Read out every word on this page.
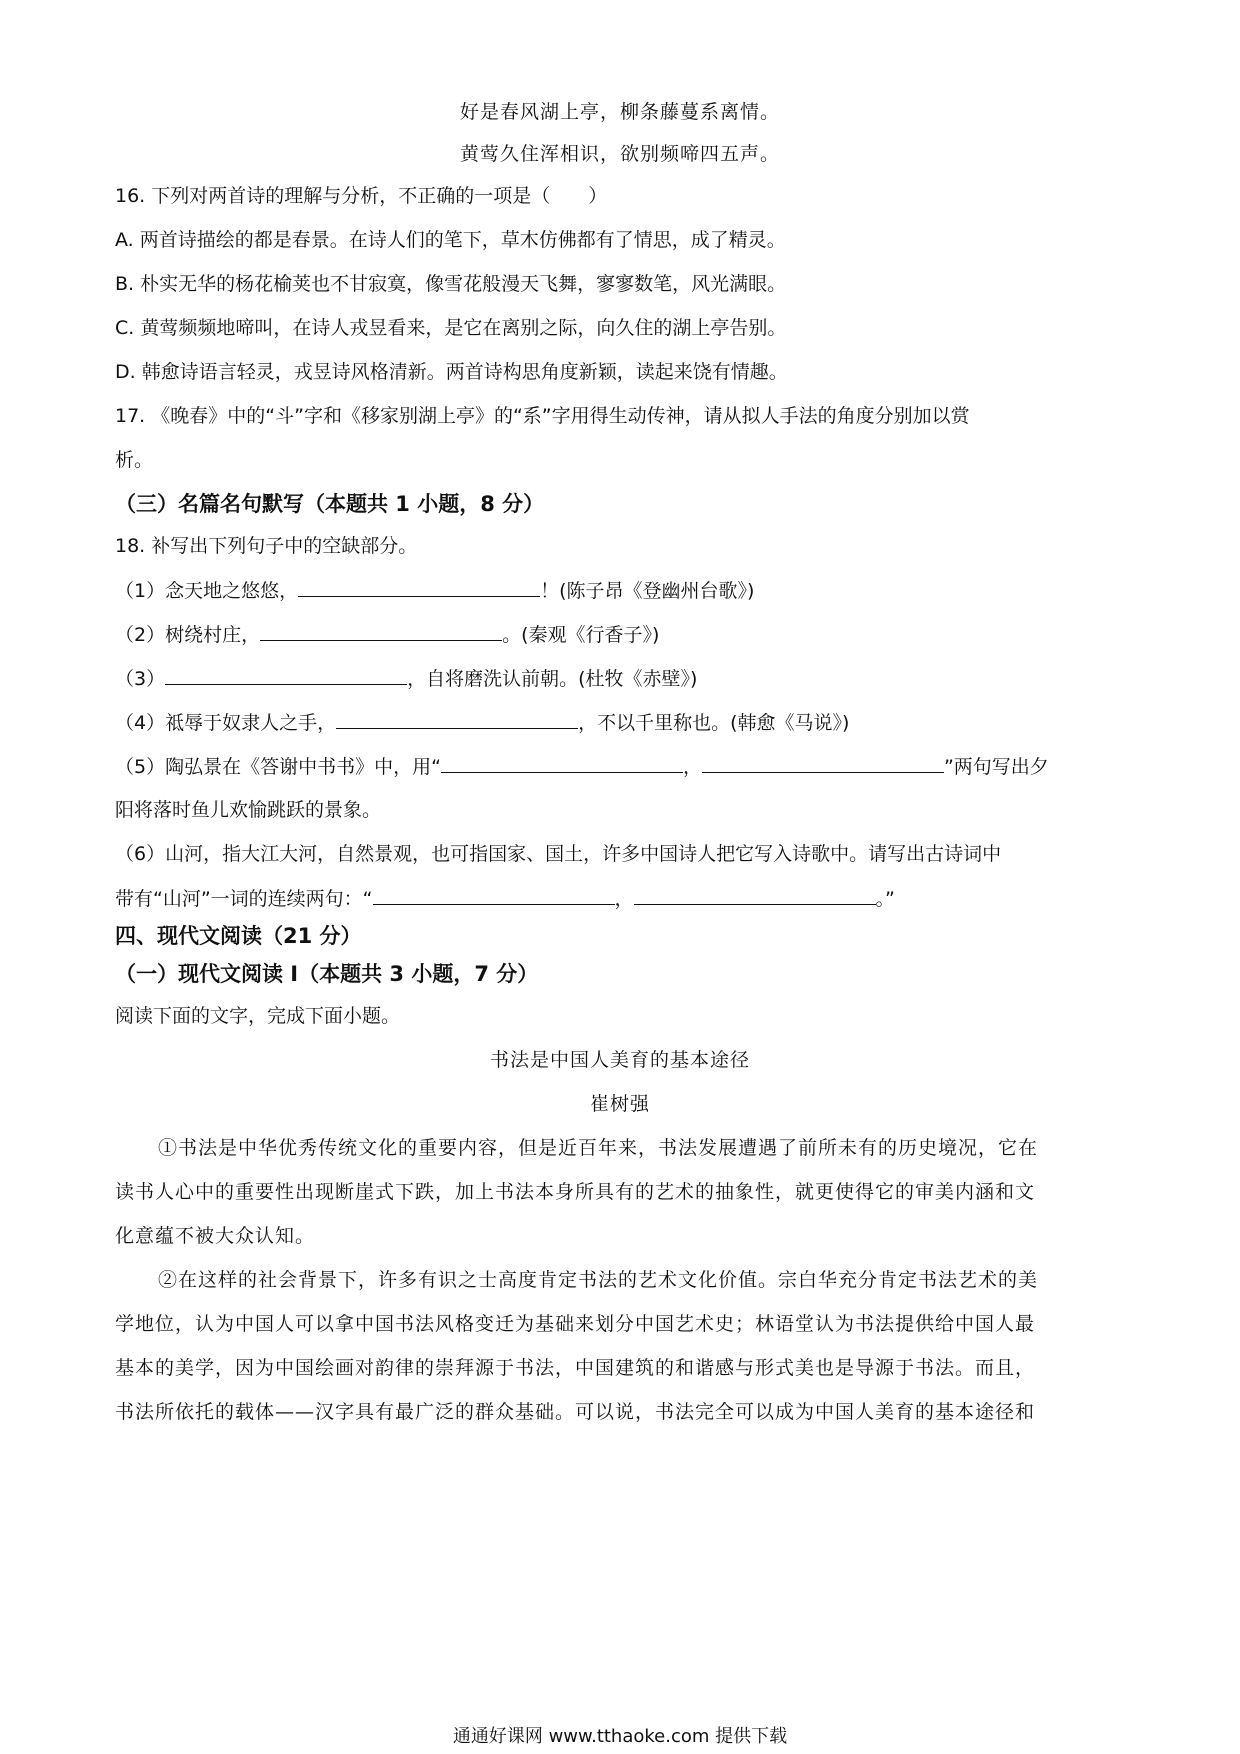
好是春风湖上亭，柳条藤蔓系离情。
黄莺久住浑相识，欲别频啼四五声。
16. 下列对两首诗的理解与分析，不正确的一项是（　　）
A. 两首诗描绘的都是春景。在诗人们的笔下，草木仿佛都有了情思，成了精灵。
B. 朴实无华的杨花榆荚也不甘寂寞，像雪花般漫天飞舞，寥寥数笔，风光满眼。
C. 黄莺频频地啼叫，在诗人戎昱看来，是它在离别之际，向久住的湖上亭告别。
D. 韩愈诗语言轻灵，戎昱诗风格清新。两首诗构思角度新颖，读起来饶有情趣。
17. 《晚春》中的“斗”字和《移家别湖上亭》的“系”字用得生动传神，请从拟人手法的角度分别加以赏
析。
（三）名篇名句默写（本题共 1 小题，8 分）
18. 补写出下列句子中的空缺部分。
（1）念天地之悠悠，	！(陈子昂《登幽州台歌》)
（2）树绕村庄，	。(秦观《行香子》)
（3）	，自将磨洗认前朝。(杜牧《赤壁》)
（4）祗辱于奴隶人之手，	，不以千里称也。(韩愈《马说》)
（5）陶弘景在《答谢中书书》中，用“	，	”两句写出夕
阳将落时鱼儿欢愉跳跃的景象。
（6）山河，指大江大河，自然景观，也可指国家、国土，许多中国诗人把它写入诗歌中。请写出古诗词中
带有“山河”一词的连续两句：“	，	。”
四、现代文阅读（21 分）
（一）现代文阅读 I（本题共 3 小题，7 分）
阅读下面的文字，完成下面小题。
书法是中国人美育的基本途径
崔树强
①书法是中华优秀传统文化的重要内容，但是近百年来，书法发展遭遇了前所未有的历史境况，它在
读书人心中的重要性出现断崖式下跌，加上书法本身所具有的艺术的抽象性，就更使得它的审美内涵和文
化意蕴不被大众认知。
②在这样的社会背景下，许多有识之士高度肯定书法的艺术文化价值。宗白华充分肯定书法艺术的美
学地位，认为中国人可以拿中国书法风格变迁为基础来划分中国艺术史；林语堂认为书法提供给中国人最
基本的美学，因为中国绘画对韵律的崇拜源于书法，中国建筑的和谐感与形式美也是导源于书法。而且，
书法所依托的载体——汉字具有最广泛的群众基础。可以说，书法完全可以成为中国人美育的基本途径和
通通好课网 www.tthaoke.com 提供下载
